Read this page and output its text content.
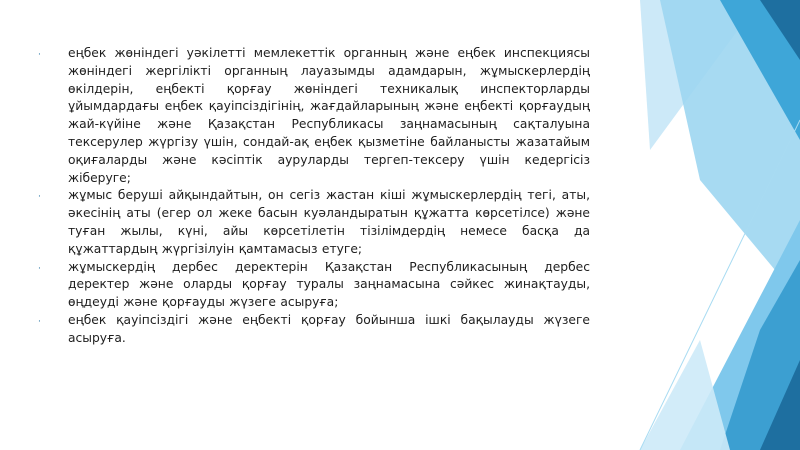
· еңбек жөніндегі уәкілетті мемлекеттік органның және еңбек инспекциясы жөніндегі жергілікті органның лауазымды адамдарын, жұмыскерлердің өкілдерін, еңбекті қорғау жөніндегі техникалық инспекторларды ұйымдардағы еңбек қауіпсіздігінің, жағдайларының және еңбекті қорғаудың жай-күйіне және Қазақстан Республикасы заңнамасының сақталуына тексерулер жүргізу үшін, сондай-ақ еңбек қызметіне байланысты жазатайым оқиғаларды және кәсіптік ауруларды тергеп-тексеру үшін кедергісіз жіберуге;
· жұмыс беруші айқындайтын, он сегіз жастан кіші жұмыскерлердің тегі, аты, әкесінің аты (егер ол жеке басын куәландыратын құжатта көрсетілсе) және туған жылы, күні, айы көрсетілетін тізілімдердің немесе басқа да құжаттардың жүргізілуін қамтамасыз етуге;
· жұмыскердің дербес деректерін Қазақстан Республикасының дербес деректер және оларды қорғау туралы заңнамасына сәйкес жинақтауды, өңдеуді және қорғауды жүзеге асыруға;
· еңбек қауіпсіздігі және еңбекті қорғау бойынша ішкі бақылауды жүзеге асыруға.
